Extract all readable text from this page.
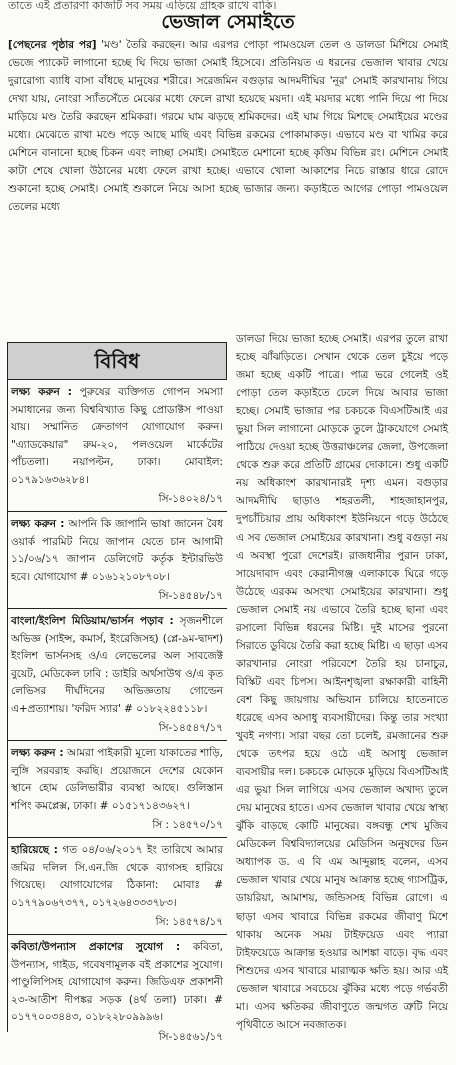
তাতে এই প্রতারণা কাজটি সব সময় এড়িয়ে গ্রাহক রাখে বাকি।
ভেজাল সেমাইতে
[পেছনের পৃষ্ঠার পর] 'মণ্ড' তৈরি করছেন। আর এরপর পোড়া পামওয়েল তেল ও ডালডা মিশিয়ে সেমাই ভেজে প্যাকেট লাগানো হচ্ছে ঘি দিয়ে ভাজা সেমাই হিসেবে। প্রতিনিয়ত এ ধরনের ভেজাল খাবার খেয়ে দুরারোগ্য ব্যাধি বাসা বাঁধছে মানুষের শরীরে। সরেজমিন বগুড়ার আদমদীঘির 'নূর' সেমাই কারখানায় গিয়ে দেখা যায়, নোংরা স্যাঁতসেঁতে মেঝের মধ্যে ফেলে রাখা হয়েছে ময়দা। এই ময়দার মধ্যে পানি দিয়ে পা দিয়ে মাড়িয়ে মণ্ড তৈরি করছেন শ্রমিকরা। গরমে ঘাম ঝড়ছে শ্রমিকদের। এই ঘাম গিয়ে মিশছে সেমাইয়ের মণ্ডের মধ্যে। মেঝেতে রাখা মণ্ডে পড়ে আছে মাছি এবং বিভিন্ন রকমের পোকামাকড়। এভাবে মণ্ড বা খামির করে মেশিনে বানানো হচ্ছে চিকন এবং লাচ্ছা সেমাই। সেমাইতে মেশানো হচ্ছে কৃত্তিম বিভিন্ন রং। মেশিনে সেমাই কাটা শেষে খোলা উঠানের মধ্যে ফেলে রাখা হচ্ছে। এভাবে খোলা আকাশের নিচে রাস্তার ধারে রোদে শুকানো হচ্ছে সেমাই। সেমাই শুকালে নিয়ে আসা হচ্ছে ভাজার জন্য। কড়াইতে আগের পোড়া পামওয়েল তেলের মধ্যে
ডালডা দিয়ে ভাজা হচ্ছে সেমাই। এরপর তুলে রাখা হচ্ছে ঝাঁঝড়িতে। সেখান থেকে তেল চুইয়ে পড়ে জমা হচ্ছে একটি পাত্রে। পাত্র ভরে গেলেই ওই পোড়া তেল কড়াইতে ঢেলে দিয়ে আবার ভাজা হচ্ছে। সেমাই ভাজার পর চকচকে বিএসটিআই এর ভুয়া সিল লাগানো মোড়কে তুলে ট্রাকযোগে সেমাই পাঠিয়ে দেওয়া হচ্ছে উত্তরাঞ্চলের জেলা, উপজেলা থেকে শুরু করে প্রতিটি গ্রামের দোকানে। শুধু একটি নয় অধিকাংশ কারখানারই দৃশ্য এমন। বগুড়ার আদমদীঘি ছাড়াও শহরতলী, শাহজাহানপুর, দুপচাঁচিয়ার প্রায় অধিকাংশ ইউনিয়নে গড়ে উঠেছে এ সব ভেজাল সেমাইয়ের কারখানা। শুধু বগুড়া নয় এ অবস্থা পুরো দেশেরই। রাজধানীর পুরান ঢাকা, সায়েদাবাদ এবং কেরানীগঞ্জ এলাকাকে ঘিরে গড়ে উঠেছে এরকম অসংখ্য সেমাইয়ের কারখানা। শুধু ভেজাল সেমাই নয় এভাবে তৈরি হচ্ছে ছানা এবং রসালো বিভিন্ন ধরনের মিষ্টি। দুই মাসের পুরনো সিরাতে ডুবিয়ে তৈরি করা হচ্ছে মিষ্টি। এ ছাড়া এসব কারখানার নোংরা পরিবেশে তৈরি হয় চানাচুর, বিস্কিট এবং চিপস। আইনশৃঙ্খলা রক্ষাকারী বাহিনী বেশ কিছু জায়গায় অভিযান চালিয়ে হাতেনাতে ধরেছে এসব অসাধু ব্যবসায়ীদের। কিন্তু তার সংখ্যা খুবই নগণ্য। সারা বছর তো চলেই, রমজানের শুরু থেকে তৎপর হয়ে ওঠে এই অসাধু ভেজাল ব্যবসায়ীর দল। চকচকে মোড়কে মুড়িয়ে বিএসটিআই এর ভুয়া সিল লাগিয়ে এসব ভেজাল অখাদ্য তুলে দেয় মানুষের হাতে। এসব ভেজাল খাবার খেয়ে স্বাস্থ্য ঝুঁকি বাড়ছে কোটি মানুষের। বঙ্গবন্ধু শেখ মুজিব মেডিকেল বিশ্ববিদ্যালয়ের মেডিসিন অনুষদের ডিন অধ্যাপক ড. এ বি এম আব্দুল্লাহ বলেন, এসব ভেজাল খাবার খেয়ে মানুষ আক্রান্ত হচ্ছে গ্যাসট্রিক, ডায়রিয়া, আমাশয়, জন্ডিসসহ বিভিন্ন রোগে। এ ছাড়া এসব খাবারে বিভিন্ন রকমের জীবাণু মিশে থাকায় অনেক সময় টাইফয়েড এবং প্যারা টাইফয়েডে আক্রান্ত হওয়ার আশঙ্কা বাড়ে। বৃদ্ধ এবং শিশুদের এসব খাবারে মারাত্মক ক্ষতি হয়। আর এই ভেজাল খাবারে সবচেয়ে ঝুঁকির মধ্যে পড়ে গর্ভবতী মা। এসব ক্ষতিকর জীবাণুতে জন্মগত ত্রুটি নিয়ে পৃথিবীতে আসে নবজাতক।
বিবিধ
লক্ষ্য করুন : পুরুষের ব্যক্তিগত গোপন সমস্যা সমাধানের জন্য বিশ্ববিখ্যাত কিছু প্রোডাক্টস পাওয়া যায়। সম্মানিত ক্রেতাগণ যোগাযোগ করুন। "এ্যাডকেয়ার" রুম-২০, পলওয়েল মার্কেটের পাঁচতলা। নয়াপল্টন, ঢাকা। মোবাইল: ০১৭৯১৬৩৬২৮৪।
সি-১৪০২৪/১৭
লক্ষ্য করুন : আপনি কি জাপানি ভাষা জানেন বৈধ ওয়ার্ক পারমিট নিয়ে জাপান যেতে চান আগামী ১১/০৬/১৭ জাপান ডেলিগেট কর্তৃক ইন্টারভিউ হবে। যোগাযোগ # ০১৬১২১০৮৭০৮।
সি-১৪৫৪৮/১৭
বাংলা/ইংলিশ মিডিয়াম/ভার্সন পড়াব : সৃজনশীলে অভিজ্ঞ (সাইন্স, কমার্স, ইংরেজিসহ) (প্লে-৯ম-দ্বাদশ) ইংলিশ ভার্সনসহ ও/এ লেভেলের অল সাবজেক্ট বুয়েট, মেডিকেল ঢাবি : ডাইরি অর্থসাউথ ও/এ কৃত লেভিসর দীর্ঘদিনের অভিজ্ঞতায় গোল্ডেন এ+প্রত্যাশায়। 'ফরিদ স্যার' # ০১৮২২৪৫১১৮।
সি-১৪৫৪৭/১৭
লক্ষ্য করুন : আমরা পাইকারী মূল্যে যাকাতের শাড়ি, লুঙ্গি সরবরাহ করছি। প্রয়োজনে দেশের যেকোন স্থানে হোম ডেলিভারীর ব্যবস্থা আছে। গুলিস্তান শপিং কমপ্লেক্স, ঢাকা। # ০১৫১৭১৪৩৬২৭।
সি : ১৪৫৭০/১৭
হারিয়েছে : গত ০৪/০৬/২০১৭ ইং তারিখে আমার জমির দলিল সি.এন.জি থেকে ব্যাগসহ হারিয়ে গিয়েছে। যোগাযোগের ঠিকানা: মোবাঃ # ০১৭৭৯০৬৭৩৭৭, ০১৭২৬৪৩৩৩৭৮৩।
সি: ১৪৫৭৪/১৭
কবিতা/উপন্যাস প্রকাশের সুযোগ : কবিতা, উপন্যাস, গাইড, গবেষণামূলক বই প্রকাশের সুযোগ। পাণ্ডুলিপিসহ যোগাযোগ করুন। জিডিএফ প্রকাশনী ২৩-আতীশ দীপঙ্কর সড়ক (৪র্থ তলা) ঢাকা। # ০১৭৭০০৩৪৪৩, ০১৮২২৮০৯৯৯৬।
সি-১৪৫৬১/১৭
